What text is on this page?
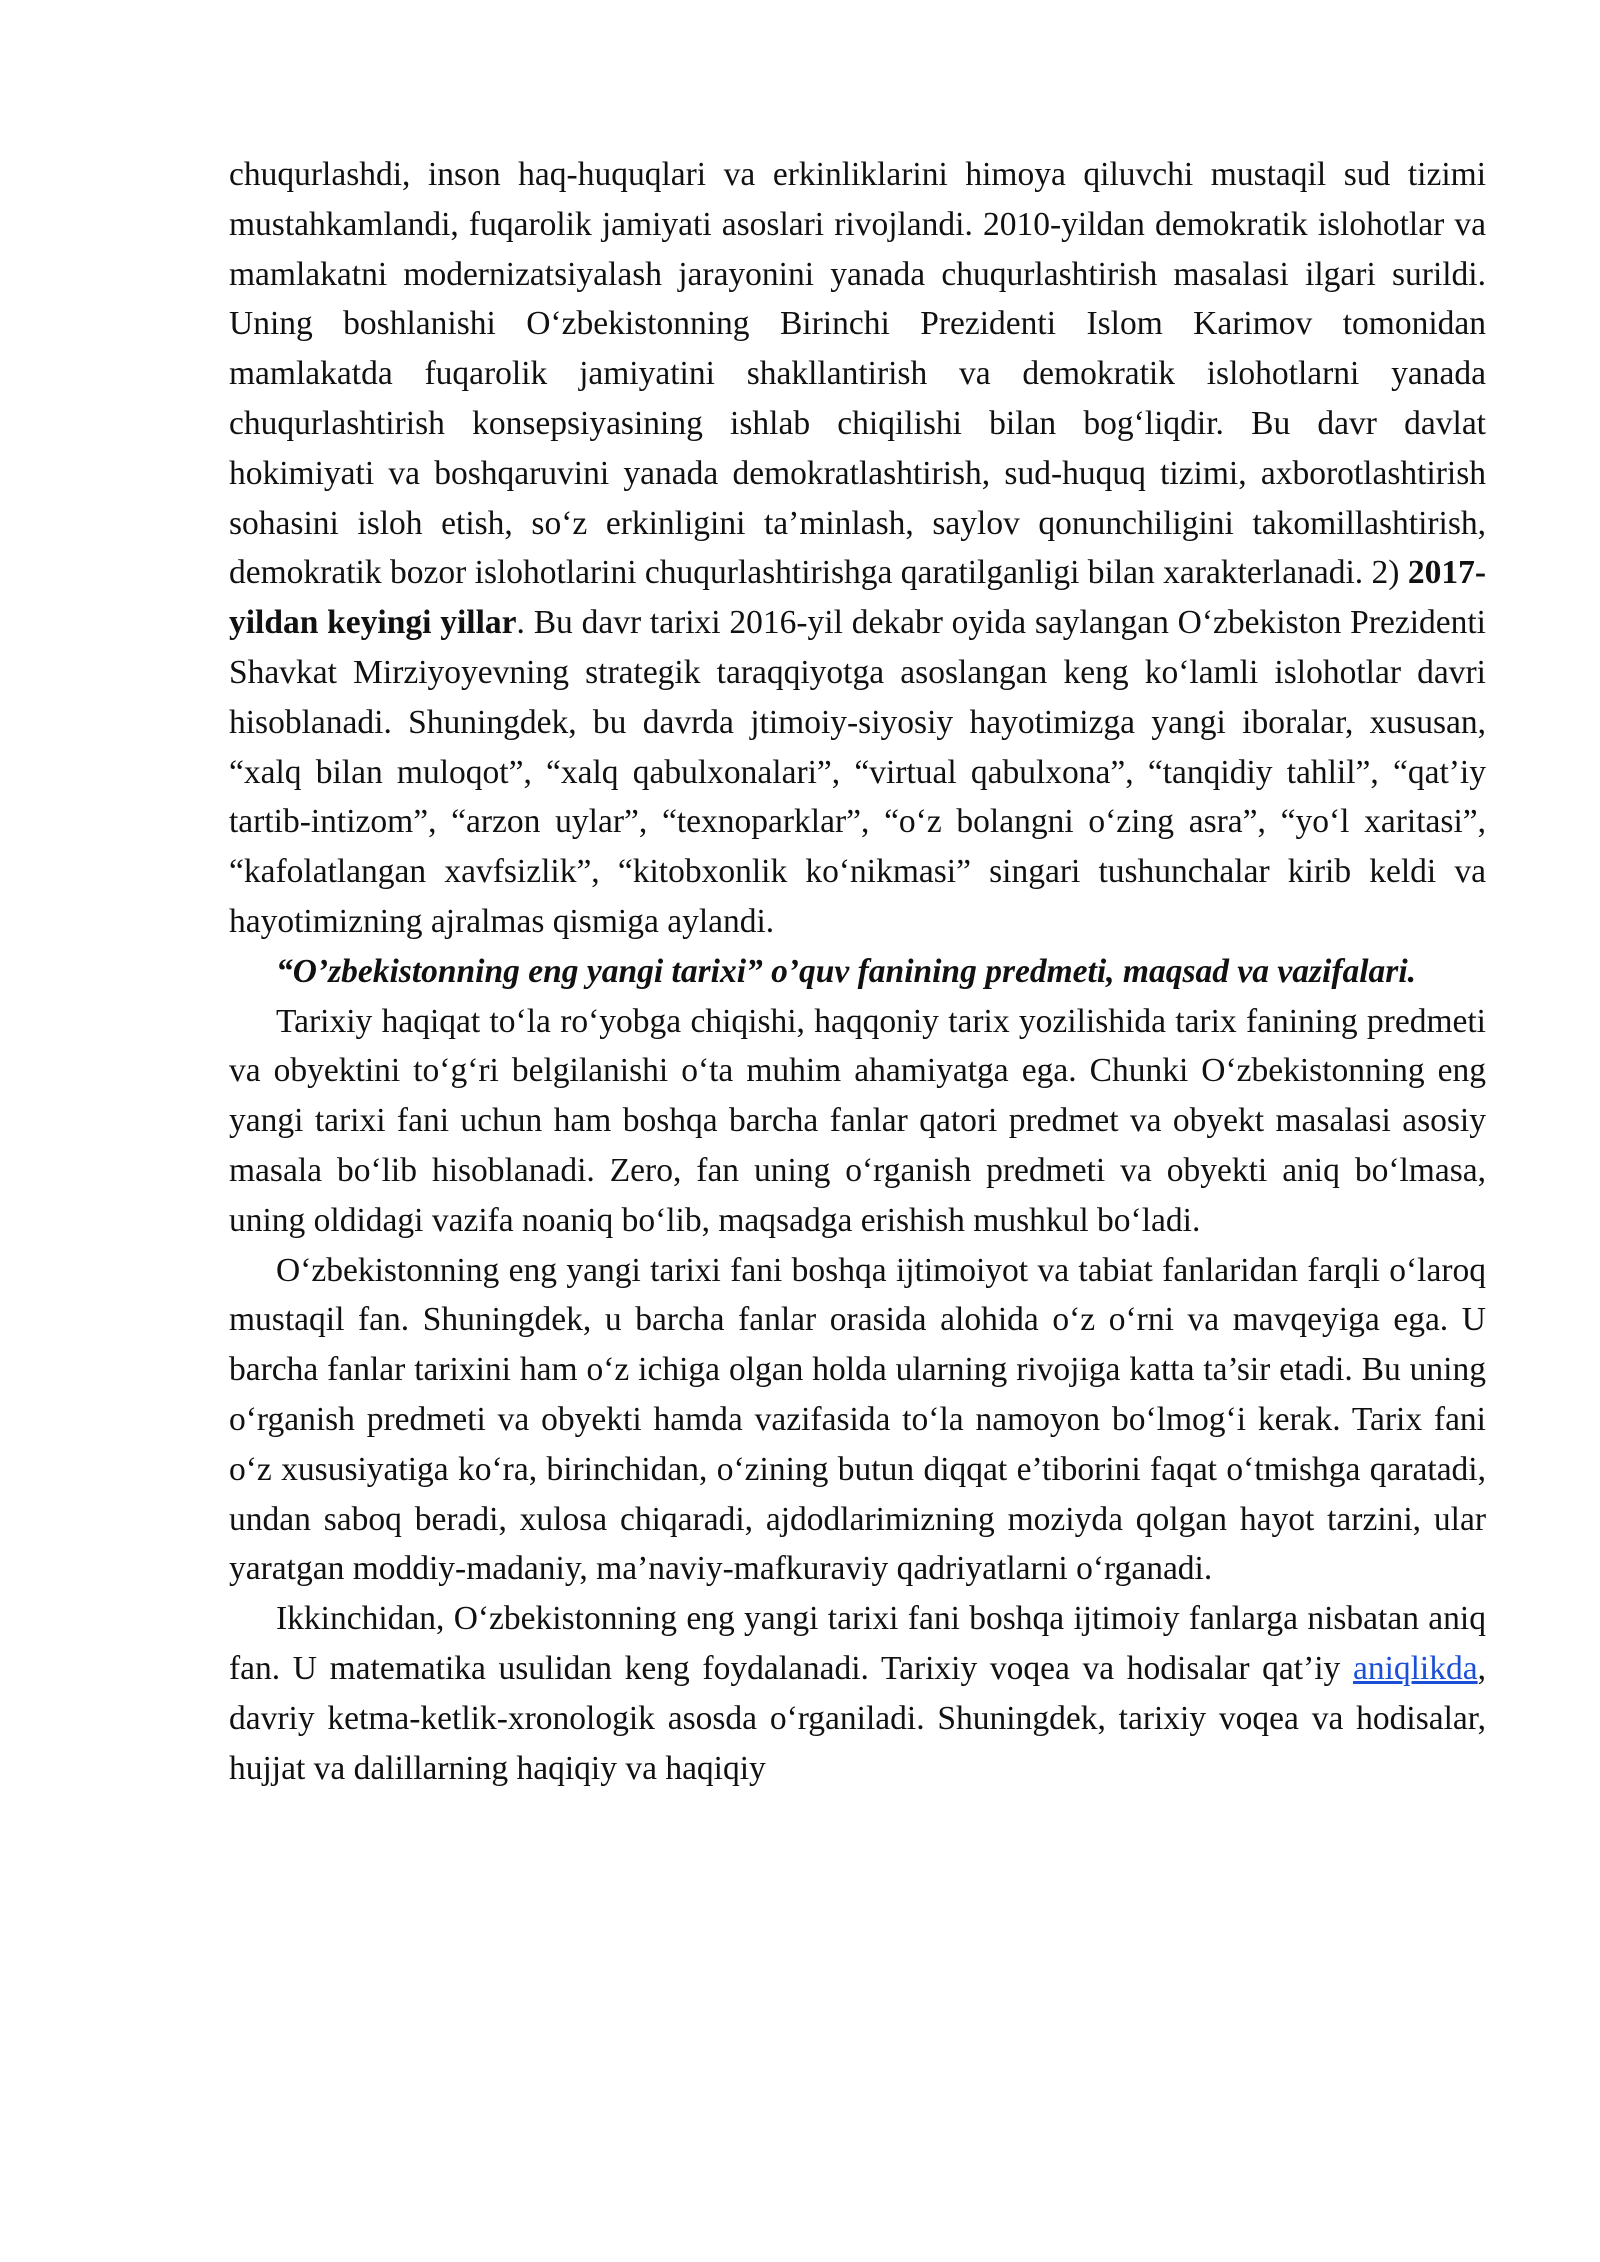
chuqurlashdi, inson haq-huquqlari va erkinliklarini himoya qiluvchi mustaqil sud tizimi mustahkamlandi, fuqarolik jamiyati asoslari rivojlandi. 2010-yildan demokratik islohotlar va mamlakatni modernizatsiyalash jarayonini yanada chuqurlashtirish masalasi ilgari surildi. Uning boshlanishi O‘zbekistonning Birinchi Prezidenti Islom Karimov tomonidan mamlakatda fuqarolik jamiyatini shakllantirish va demokratik islohotlarni yanada chuqurlashtirish konsepsiyasining ishlab chiqilishi bilan bog‘liqdir. Bu davr davlat hokimiyati va boshqaruvini yanada demokratlashtirish, sud-huquq tizimi, axborotlashtirish sohasini isloh etish, so‘z erkinligini ta’minlash, saylov qonunchiligini takomillashtirish, demokratik bozor islohotlarini chuqurlashtirishga qaratilganligi bilan xarakterlanadi. 2) 2017-yildan keyingi yillar. Bu davr tarixi 2016-yil dekabr oyida saylangan O‘zbekiston Prezidenti Shavkat Mirziyoyevning strategik taraqqiyotga asoslangan keng ko‘lamli islohotlar davri hisoblanadi. Shuningdek, bu davrda jtimoiy-siyosiy hayotimizga yangi iboralar, xususan, “xalq bilan muloqot”, “xalq qabulxonalari”, “virtual qabulxona”, “tanqidiy tahlil”, “qat’iy tartib-intizom”, “arzon uylar”, “texnoparklar”, “o‘z bolangni o‘zing asra”, “yo‘l xaritasi”, “kafolatlangan xavfsizlik”, “kitobxonlik ko‘nikmasi” singari tushunchalar kirib keldi va hayotimizning ajralmas qismiga aylandi.

“O’zbekistonning eng yangi tarixi” o’quv fanining predmeti, maqsad va vazifalari.

Tarixiy haqiqat to‘la ro‘yobga chiqishi, haqqoniy tarix yozilishida tarix fanining predmeti va obyektini to‘g‘ri belgilanishi o‘ta muhim ahamiyatga ega. Chunki O‘zbekistonning eng yangi tarixi fani uchun ham boshqa barcha fanlar qatori predmet va obyekt masalasi asosiy masala bo‘lib hisoblanadi. Zero, fan uning o‘rganish predmeti va obyekti aniq bo‘lmasa, uning oldidagi vazifa noaniq bo‘lib, maqsadga erishish mushkul bo‘ladi.

O‘zbekistonning eng yangi tarixi fani boshqa ijtimoiyot va tabiat fanlaridan farqli o‘laroq mustaqil fan. Shuningdek, u barcha fanlar orasida alohida o‘z o‘rni va mavqeyiga ega. U barcha fanlar tarixini ham o‘z ichiga olgan holda ularning rivojiga katta ta’sir etadi. Bu uning o‘rganish predmeti va obyekti hamda vazifasida to‘la namoyon bo‘lmog‘i kerak. Tarix fani o‘z xususiyatiga ko‘ra, birinchidan, o‘zining butun diqqat e’tiborini faqat o‘tmishga qaratadi, undan saboq beradi, xulosa chiqaradi, ajdodlarimizning moziyda qolgan hayot tarzini, ular yaratgan moddiy-madaniy, ma’naviy-mafkuraviy qadriyatlarni o‘rganadi.

Ikkinchidan, O‘zbekistonning eng yangi tarixi fani boshqa ijtimoiy fanlarga nisbatan aniq fan. U matematika usulidan keng foydalanadi. Tarixiy voqea va hodisalar qat’iy aniqlikda, davriy ketma-ketlik-xronologik asosda o‘rganiladi. Shuningdek, tarixiy voqea va hodisalar, hujjat va dalillarning haqiqiy va haqiqiy
